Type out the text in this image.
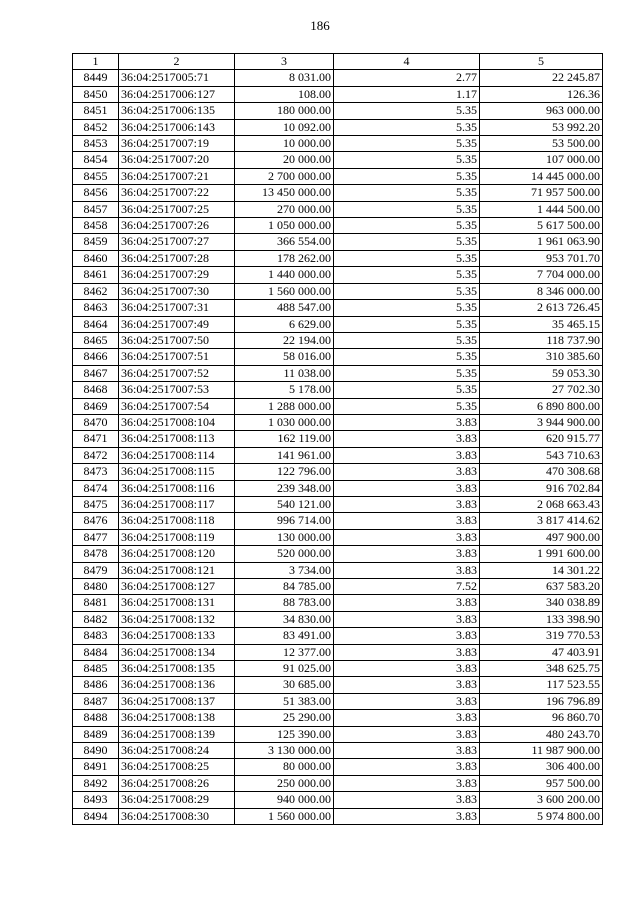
186
1	2	3	4	5
8449	36:04:2517005:71	8 031.00	2.77	22 245.87
8450	36:04:2517006:127	108.00	1.17	126.36
8451	36:04:2517006:135	180 000.00	5.35	963 000.00
8452	36:04:2517006:143	10 092.00	5.35	53 992.20
8453	36:04:2517007:19	10 000.00	5.35	53 500.00
8454	36:04:2517007:20	20 000.00	5.35	107 000.00
8455	36:04:2517007:21	2 700 000.00	5.35	14 445 000.00
8456	36:04:2517007:22	13 450 000.00	5.35	71 957 500.00
8457	36:04:2517007:25	270 000.00	5.35	1 444 500.00
8458	36:04:2517007:26	1 050 000.00	5.35	5 617 500.00
8459	36:04:2517007:27	366 554.00	5.35	1 961 063.90
8460	36:04:2517007:28	178 262.00	5.35	953 701.70
8461	36:04:2517007:29	1 440 000.00	5.35	7 704 000.00
8462	36:04:2517007:30	1 560 000.00	5.35	8 346 000.00
8463	36:04:2517007:31	488 547.00	5.35	2 613 726.45
8464	36:04:2517007:49	6 629.00	5.35	35 465.15
8465	36:04:2517007:50	22 194.00	5.35	118 737.90
8466	36:04:2517007:51	58 016.00	5.35	310 385.60
8467	36:04:2517007:52	11 038.00	5.35	59 053.30
8468	36:04:2517007:53	5 178.00	5.35	27 702.30
8469	36:04:2517007:54	1 288 000.00	5.35	6 890 800.00
8470	36:04:2517008:104	1 030 000.00	3.83	3 944 900.00
8471	36:04:2517008:113	162 119.00	3.83	620 915.77
8472	36:04:2517008:114	141 961.00	3.83	543 710.63
8473	36:04:2517008:115	122 796.00	3.83	470 308.68
8474	36:04:2517008:116	239 348.00	3.83	916 702.84
8475	36:04:2517008:117	540 121.00	3.83	2 068 663.43
8476	36:04:2517008:118	996 714.00	3.83	3 817 414.62
8477	36:04:2517008:119	130 000.00	3.83	497 900.00
8478	36:04:2517008:120	520 000.00	3.83	1 991 600.00
8479	36:04:2517008:121	3 734.00	3.83	14 301.22
8480	36:04:2517008:127	84 785.00	7.52	637 583.20
8481	36:04:2517008:131	88 783.00	3.83	340 038.89
8482	36:04:2517008:132	34 830.00	3.83	133 398.90
8483	36:04:2517008:133	83 491.00	3.83	319 770.53
8484	36:04:2517008:134	12 377.00	3.83	47 403.91
8485	36:04:2517008:135	91 025.00	3.83	348 625.75
8486	36:04:2517008:136	30 685.00	3.83	117 523.55
8487	36:04:2517008:137	51 383.00	3.83	196 796.89
8488	36:04:2517008:138	25 290.00	3.83	96 860.70
8489	36:04:2517008:139	125 390.00	3.83	480 243.70
8490	36:04:2517008:24	3 130 000.00	3.83	11 987 900.00
8491	36:04:2517008:25	80 000.00	3.83	306 400.00
8492	36:04:2517008:26	250 000.00	3.83	957 500.00
8493	36:04:2517008:29	940 000.00	3.83	3 600 200.00
8494	36:04:2517008:30	1 560 000.00	3.83	5 974 800.00
